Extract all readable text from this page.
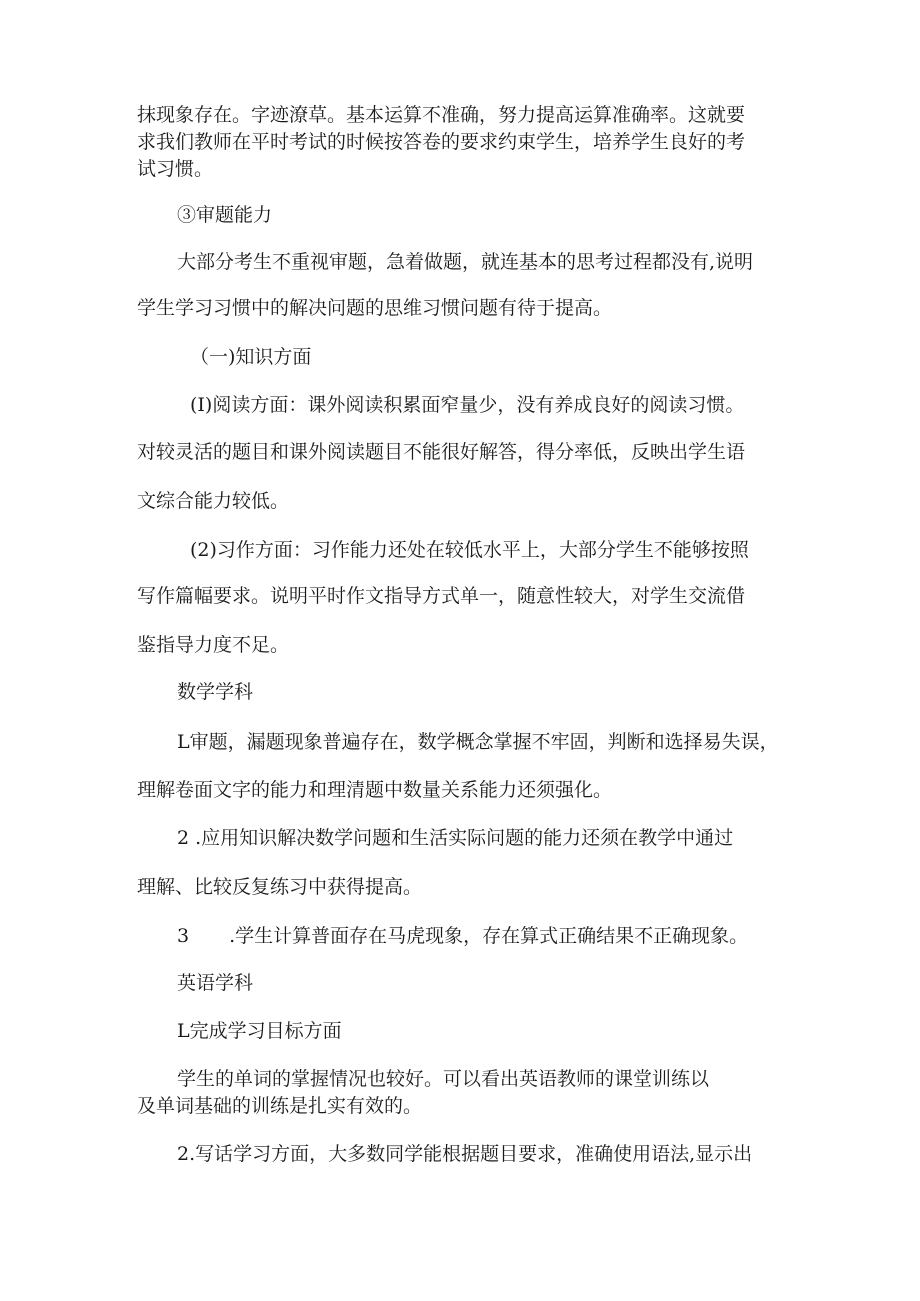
抹现象存在。字迹潦草。基本运算不准确，努力提高运算准确率。这就要
求我们教师在平时考试的时候按答卷的要求约束学生，培养学生良好的考
试习惯。
③审题能力
大部分考生不重视审题，急着做题，就连基本的思考过程都没有,说明
学生学习习惯中的解决问题的思维习惯问题有待于提高。
（一)知识方面
(I)阅读方面：课外阅读积累面窄量少，没有养成良好的阅读习惯。
对较灵活的题目和课外阅读题目不能很好解答，得分率低，反映出学生语
文综合能力较低。
(2)习作方面：习作能力还处在较低水平上，大部分学生不能够按照
写作篇幅要求。说明平时作文指导方式单一，随意性较大，对学生交流借
鉴指导力度不足。
数学学科
L审题，漏题现象普遍存在，数学概念掌握不牢固，判断和选择易失误，
理解卷面文字的能力和理清题中数量关系能力还须强化。
2 .应用知识解决数学问题和生活实际问题的能力还须在教学中通过
理解、比较反复练习中获得提高。
3 .学生计算普面存在马虎现象，存在算式正确结果不正确现象。
英语学科
L完成学习目标方面
学生的单词的掌握情况也较好。可以看出英语教师的课堂训练以
及单词基础的训练是扎实有效的。
2.写话学习方面，大多数同学能根据题目要求，准确使用语法,显示出
